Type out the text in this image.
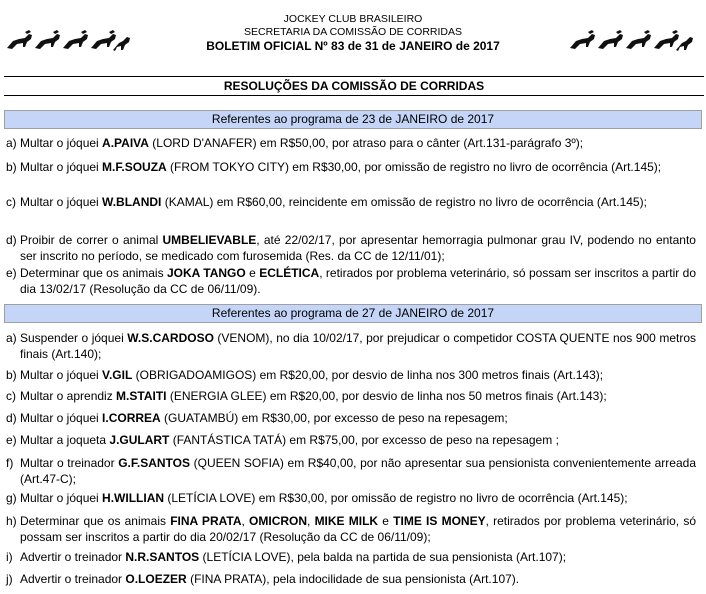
JOCKEY CLUB BRASILEIRO
SECRETARIA DA COMISSÃO DE CORRIDAS
BOLETIM OFICIAL Nº 83 de 31 de JANEIRO de 2017
RESOLUÇÕES DA COMISSÃO DE CORRIDAS
Referentes ao programa de 23 de JANEIRO de 2017
a) Multar o jóquei A.PAIVA (LORD D'ANAFER) em R$50,00, por atraso para o cânter (Art.131-parágrafo 3º);
b) Multar o jóquei M.F.SOUZA (FROM TOKYO CITY) em R$30,00, por omissão de registro no livro de ocorrência (Art.145);
c) Multar o jóquei W.BLANDI (KAMAL) em R$60,00, reincidente em omissão de registro no livro de ocorrência (Art.145);
d) Proibir de correr o animal UMBELIEVABLE, até 22/02/17, por apresentar hemorragia pulmonar grau IV, podendo no entanto ser inscrito no período, se medicado com furosemida (Res. da CC de 12/11/01);
e) Determinar que os animais JOKA TANGO e ECLÉTICA, retirados por problema veterinário, só possam ser inscritos a partir do dia 13/02/17 (Resolução da CC de 06/11/09).
Referentes ao programa de 27 de JANEIRO de 2017
a) Suspender o jóquei W.S.CARDOSO (VENOM), no dia 10/02/17, por prejudicar o competidor COSTA QUENTE nos 900 metros finais (Art.140);
b) Multar o jóquei V.GIL (OBRIGADOAMIGOS) em R$20,00, por desvio de linha nos 300 metros finais (Art.143);
c) Multar o aprendiz M.STAITI (ENERGIA GLEE) em R$20,00, por desvio de linha nos 50 metros finais (Art.143);
d) Multar o jóquei I.CORREA (GUATAMBÚ) em R$30,00, por excesso de peso na repesagem;
e) Multar a joqueta J.GULART (FANTÁSTICA TATÁ) em R$75,00, por excesso de peso na repesagem ;
f) Multar o treinador G.F.SANTOS (QUEEN SOFIA) em R$40,00, por não apresentar sua pensionista convenientemente arreada (Art.47-C);
g) Multar o jóquei H.WILLIAN (LETÍCIA LOVE) em R$30,00, por omissão de registro no livro de ocorrência (Art.145);
h) Determinar que os animais FINA PRATA, OMICRON, MIKE MILK e TIME IS MONEY, retirados por problema veterinário, só possam ser inscritos a partir do dia 20/02/17 (Resolução da CC de 06/11/09);
i) Advertir o treinador N.R.SANTOS (LETÍCIA LOVE), pela balda na partida de sua pensionista (Art.107);
j) Advertir o treinador O.LOEZER (FINA PRATA), pela indocilidade de sua pensionista (Art.107).
